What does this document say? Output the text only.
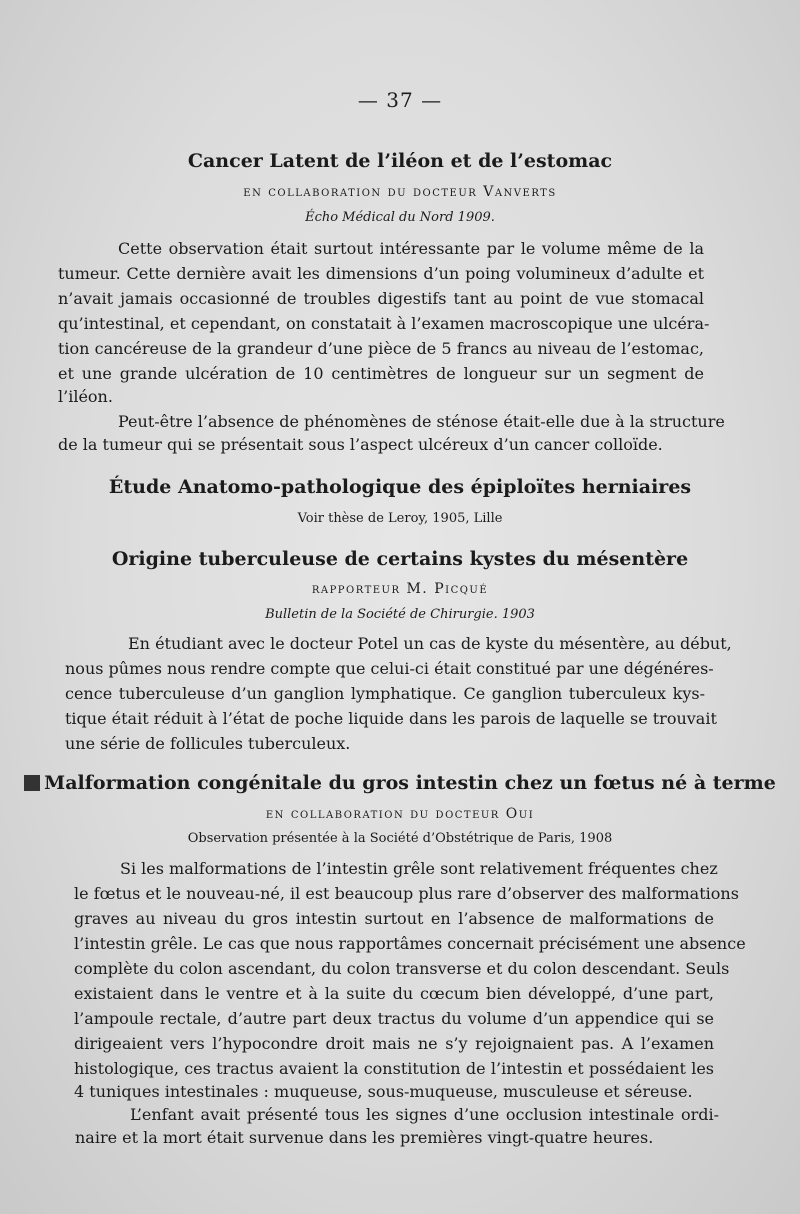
— 37 —
Cancer Latent de l’iléon et de l’estomac
en collaboration du docteur Vanverts
Écho Médical du Nord 1909.
Cette observation était surtout intéressante par le volume même de la
tumeur. Cette dernière avait les dimensions d’un poing volumineux d’adulte et
n’avait jamais occasionné de troubles digestifs tant au point de vue stomacal
qu’intestinal, et cependant, on constatait à l’examen macroscopique une ulcéra-
tion cancéreuse de la grandeur d’une pièce de 5 francs au niveau de l’estomac,
et une grande ulcération de 10 centimètres de longueur sur un segment de
l’iléon.
Peut-être l’absence de phénomènes de sténose était-elle due à la structure
de la tumeur qui se présentait sous l’aspect ulcéreux d’un cancer colloïde.
Étude Anatomo-pathologique des épiploïtes herniaires
Voir thèse de Leroy, 1905, Lille
Origine tuberculeuse de certains kystes du mésentère
rapporteur M. Picqué
Bulletin de la Société de Chirurgie. 1903
En étudiant avec le docteur Potel un cas de kyste du mésentère, au début,
nous pûmes nous rendre compte que celui-ci était constitué par une dégénéres-
cence tuberculeuse d’un ganglion lymphatique. Ce ganglion tuberculeux kys-
tique était réduit à l’état de poche liquide dans les parois de laquelle se trouvait
une série de follicules tuberculeux.
Malformation congénitale du gros intestin chez un fœtus né à terme
en collaboration du docteur Oui
Observation présentée à la Société d’Obstétrique de Paris, 1908
Si les malformations de l’intestin grêle sont relativement fréquentes chez
le fœtus et le nouveau-né, il est beaucoup plus rare d’observer des malformations
graves au niveau du gros intestin surtout en l’absence de malformations de
l’intestin grêle. Le cas que nous rapportâmes concernait précisément une absence
complète du colon ascendant, du colon transverse et du colon descendant. Seuls
existaient dans le ventre et à la suite du cœcum bien développé, d’une part,
l’ampoule rectale, d’autre part deux tractus du volume d’un appendice qui se
dirigeaient vers l’hypocondre droit mais ne s’y rejoignaient pas. A l’examen
histologique, ces tractus avaient la constitution de l’intestin et possédaient les
4 tuniques intestinales : muqueuse, sous-muqueuse, musculeuse et séreuse.
L’enfant avait présenté tous les signes d’une occlusion intestinale ordi-
naire et la mort était survenue dans les premières vingt-quatre heures.
